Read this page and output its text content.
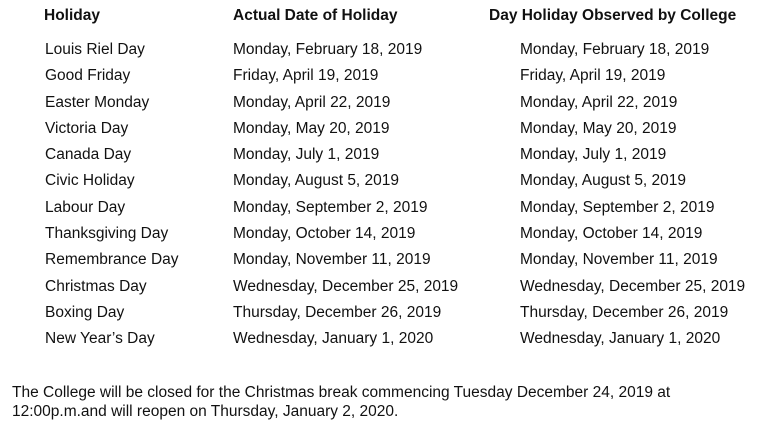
Holiday	Actual Date of Holiday	Day Holiday Observed by College
Louis Riel Day	Monday, February 18, 2019	Monday, February 18, 2019
Good Friday	Friday, April 19, 2019	Friday, April 19, 2019
Easter Monday	Monday, April 22, 2019	Monday, April 22, 2019
Victoria Day	Monday, May 20, 2019	Monday, May 20, 2019
Canada Day	Monday, July 1, 2019	Monday, July 1, 2019
Civic Holiday	Monday, August 5, 2019	Monday, August 5, 2019
Labour Day	Monday, September 2, 2019	Monday, September 2, 2019
Thanksgiving Day	Monday, October 14, 2019	Monday, October 14, 2019
Remembrance Day	Monday, November 11, 2019	Monday, November 11, 2019
Christmas Day	Wednesday, December 25, 2019	Wednesday, December 25, 2019
Boxing Day	Thursday, December 26, 2019	Thursday, December 26, 2019
New Year’s Day	Wednesday, January 1, 2020	Wednesday, January 1, 2020
The College will be closed for the Christmas break commencing Tuesday December 24, 2019 at
12:00p.m.and will reopen on Thursday, January 2, 2020.
